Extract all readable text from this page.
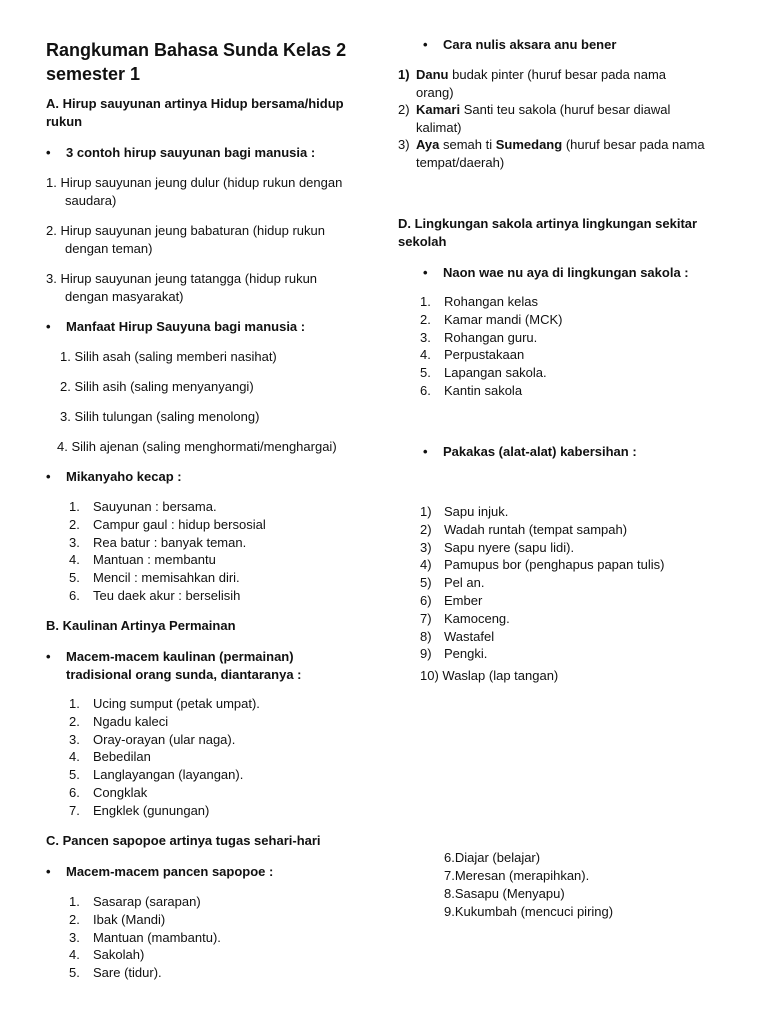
Rangkuman Bahasa Sunda Kelas 2
semester 1
A. Hirup sauyunan artinya Hidup bersama/hidup
rukun
• 3 contoh hirup sauyunan bagi manusia :
1. Hirup sauyunan jeung dulur (hidup rukun dengan
saudara)
2. Hirup sauyunan jeung babaturan (hidup rukun
dengan teman)
3. Hirup sauyunan jeung tatangga (hidup rukun
dengan masyarakat)
• Manfaat Hirup Sauyuna bagi manusia :
1. Silih asah (saling memberi nasihat)
2. Silih asih (saling menyanyangi)
3. Silih tulungan (saling menolong)
4. Silih ajenan (saling menghormati/menghargai)
• Mikanyaho kecap :
1. Sauyunan : bersama.
2. Campur gaul : hidup bersosial
3. Rea batur : banyak teman.
4. Mantuan : membantu
5. Mencil : memisahkan diri.
6. Teu daek akur : berselisih
B. Kaulinan Artinya Permainan
• Macem-macem kaulinan (permainan)
tradisional orang sunda, diantaranya :
1. Ucing sumput (petak umpat).
2. Ngadu kaleci
3. Oray-orayan (ular naga).
4. Bebedilan
5. Langlayangan (layangan).
6. Congklak
7. Engklek (gunungan)
C. Pancen sapopoe artinya tugas sehari-hari
• Macem-macem pancen sapopoe :
1. Sasarap (sarapan)
2. Ibak (Mandi)
3. Mantuan (mambantu).
4. Sakolah)
5. Sare (tidur).
• Cara nulis aksara anu bener
1) Danu budak pinter (huruf besar pada nama
orang)
2) Kamari Santi teu sakola (huruf besar diawal
kalimat)
3) Aya semah ti Sumedang (huruf besar pada nama
tempat/daerah)
D. Lingkungan sakola artinya lingkungan sekitar
sekolah
• Naon wae nu aya di lingkungan sakola :
1. Rohangan kelas
2. Kamar mandi (MCK)
3. Rohangan guru.
4. Perpustakaan
5. Lapangan sakola.
6. Kantin sakola
• Pakakas (alat-alat) kabersihan :
1) Sapu injuk.
2) Wadah runtah (tempat sampah)
3) Sapu nyere (sapu lidi).
4) Pamupus bor (penghapus papan tulis)
5) Pel an.
6) Ember
7) Kamoceng.
8) Wastafel
9) Pengki.
10) Waslap (lap tangan)
6.Diajar (belajar)
7.Meresan (merapihkan).
8.Sasapu (Menyapu)
9.Kukumbah (mencuci piring)
